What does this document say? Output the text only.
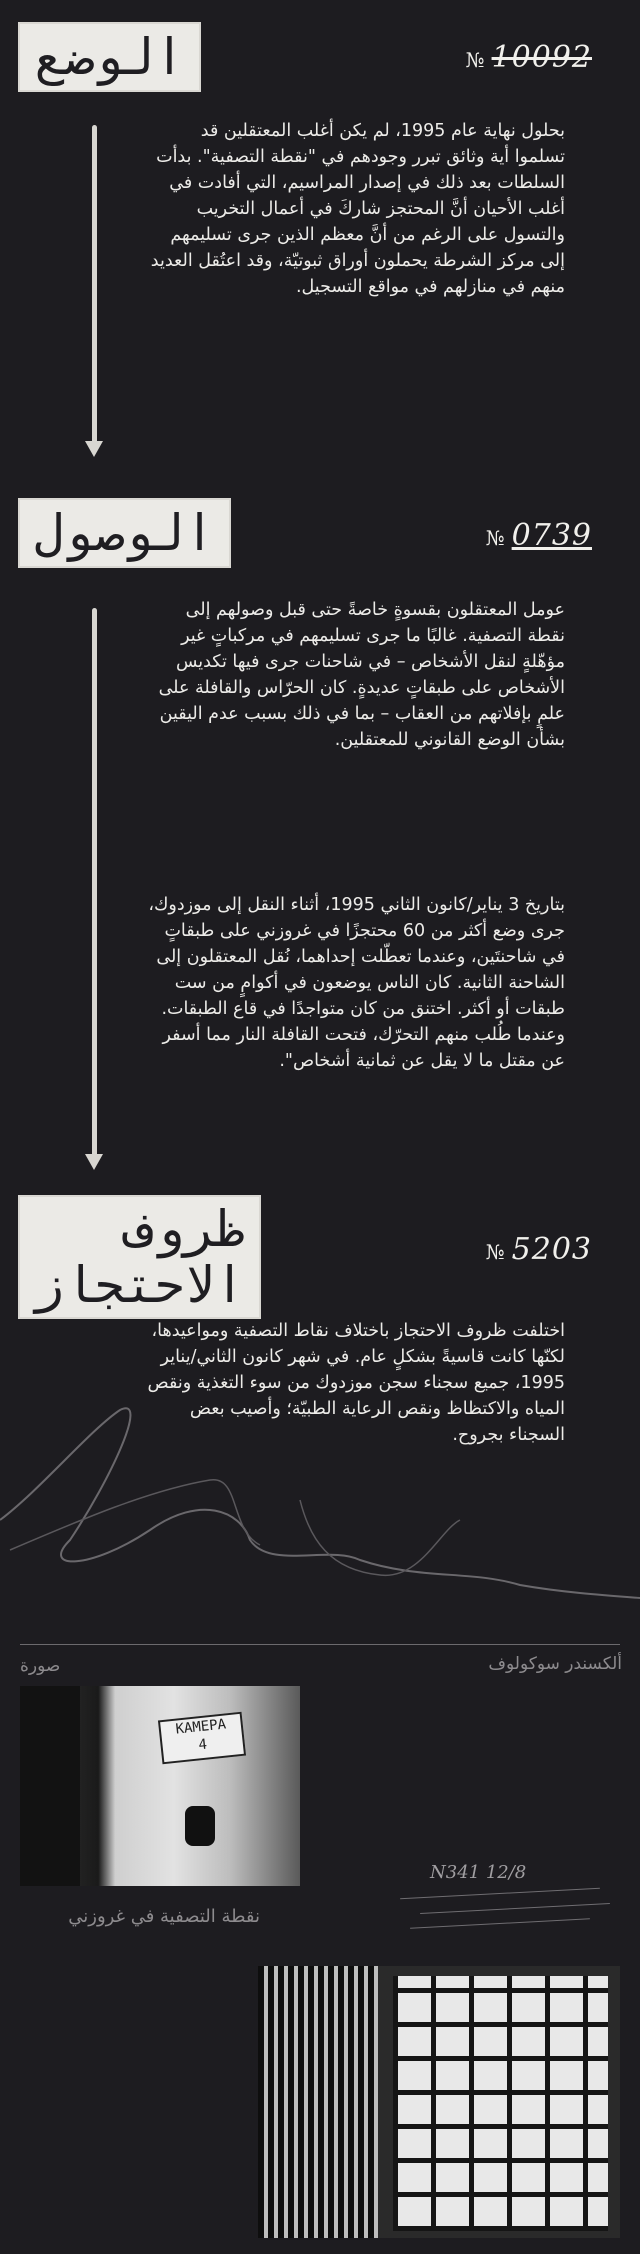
الوضع	№ 10092

بحلول نهاية عام 1995، لم يكن أغلب المعتقلين قد تسلموا أية وثائق تبرر وجودهم في "نقطة التصفية". بدأت السلطات بعد ذلك في إصدار المراسيم، التي أفادت في أغلب الأحيان أنَّ المحتجز شاركَ في أعمال التخريب والتسول على الرغم من أنَّ معظم الذين جرى تسليمهم إلى مركز الشرطة يحملون أوراق ثبوتيّة، وقد اعتُقل العديد منهم في منازلهم في مواقع التسجيل.

الوصول	№ 0739

عومل المعتقلون بقسوةٍ خاصةً حتى قبل وصولهم إلى نقطة التصفية. غالبًا ما جرى تسليمهم في مركباتٍ غير مؤهّلةٍ لنقل الأشخاص – في شاحنات جرى فيها تكديس الأشخاص على طبقاتٍ عديدةٍ. كان الحرّاس والقافلة على علمٍ بإفلاتهم من العقاب – بما في ذلك بسبب عدم اليقين بشأن الوضع القانوني للمعتقلين.

بتاريخ 3 يناير/كانون الثاني 1995، أثناء النقل إلى موزدوك، جرى وضع أكثر من 60 محتجزًا في غروزني على طبقاتٍ في شاحنتَين، وعندما تعطّلت إحداهما، نُقل المعتقلون إلى الشاحنة الثانية. كان الناس يوضعون في أكوامٍ من ست طبقات أو أكثر. اختنق من كان متواجدًا في قاع الطبقات. وعندما طُلب منهم التحرّك، فتحت القافلة النار مما أسفر عن مقتل ما لا يقل عن ثمانية أشخاص".

ظروف
الاحتجاز
№ 5203

اختلفت ظروف الاحتجاز باختلاف نقاط التصفية ومواعيدها، لكنّها كانت قاسيةً بشكلٍ عام. في شهر كانون الثاني/يناير 1995، جميع سجناء سجن موزدوك من سوء التغذية ونقص المياه والاكتظاظ ونقص الرعاية الطبيّة؛ وأصيب بعض السجناء بجروح.

صورة	ألكسندر سوكولوف
КАМЕРА
4
نقطة التصفية في غروزني
N341 12/8
